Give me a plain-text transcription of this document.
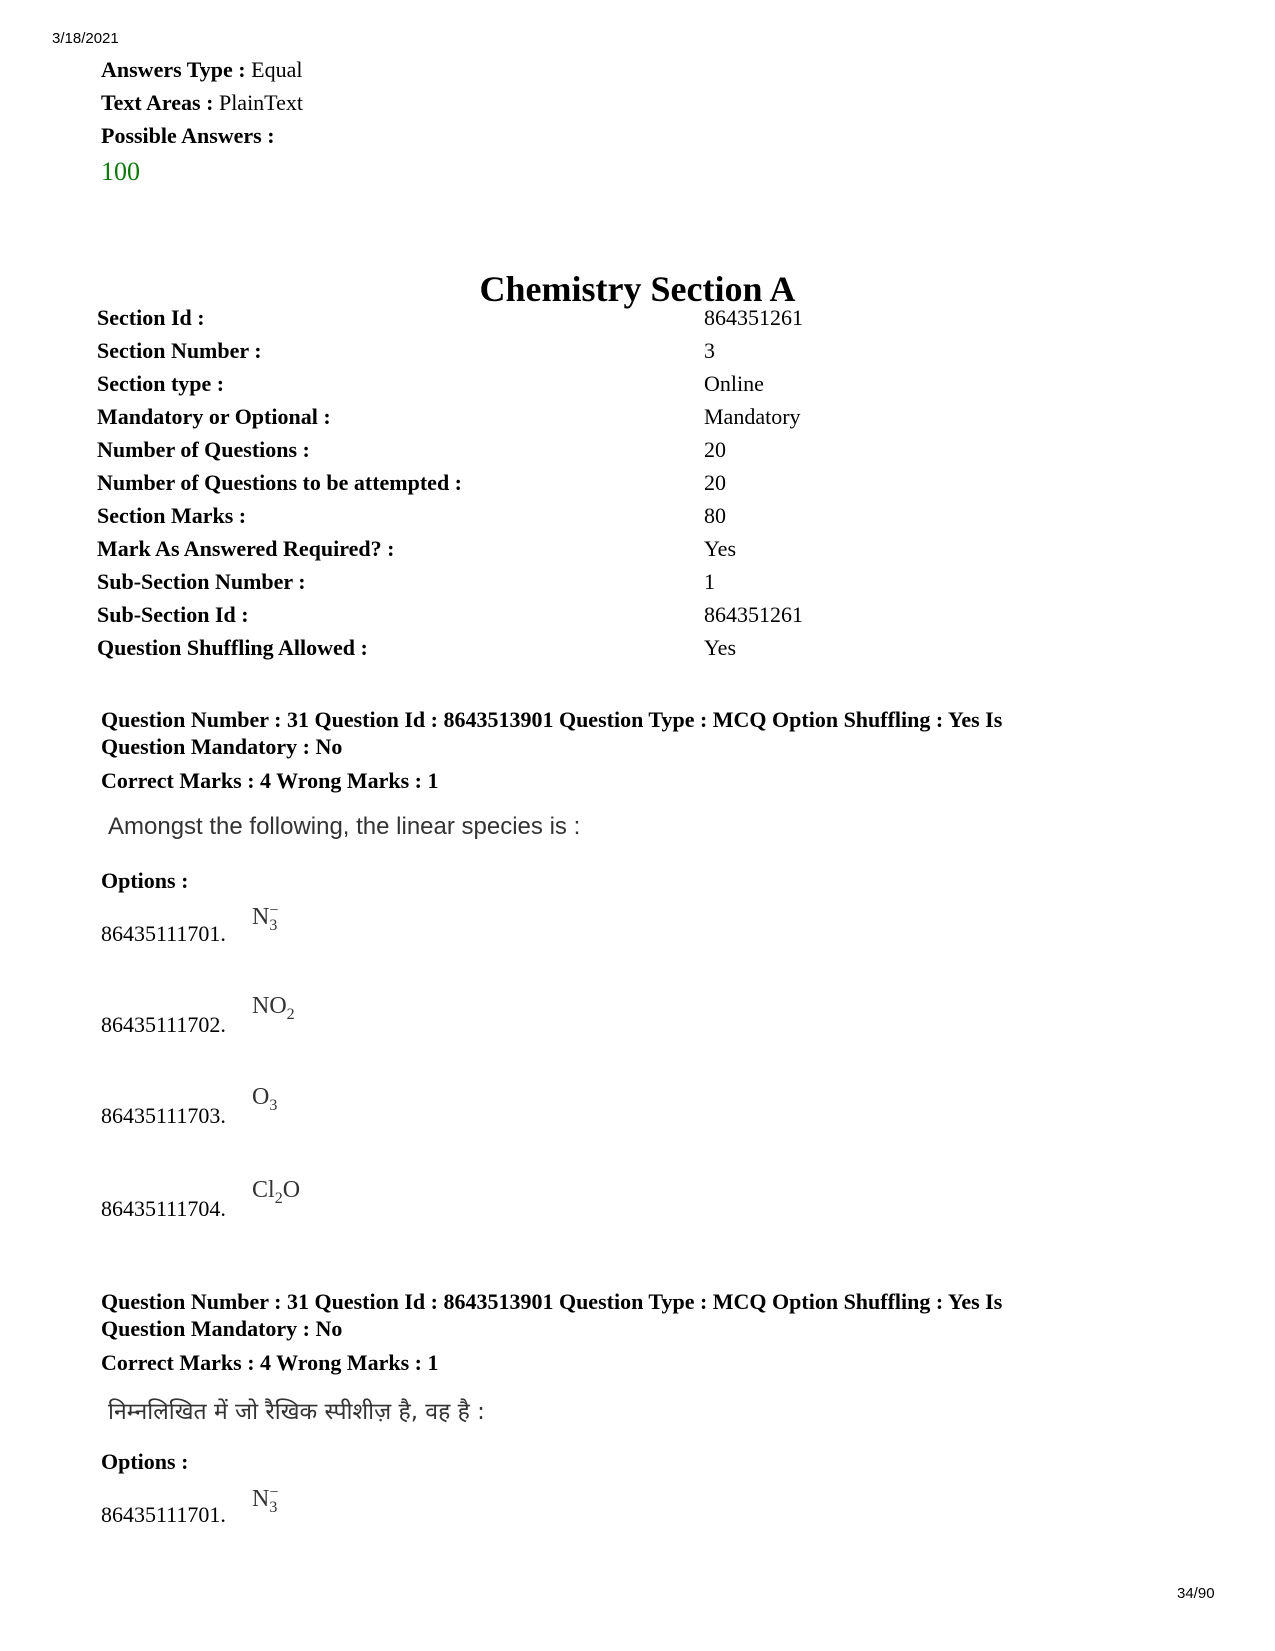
3/18/2021
Answers Type : Equal
Text Areas : PlainText
Possible Answers :
100
Chemistry Section A
Section Id :	864351261
Section Number :	3
Section type :	Online
Mandatory or Optional :	Mandatory
Number of Questions :	20
Number of Questions to be attempted :	20
Section Marks :	80
Mark As Answered Required? :	Yes
Sub-Section Number :	1
Sub-Section Id :	864351261
Question Shuffling Allowed :	Yes
Question Number : 31 Question Id : 8643513901 Question Type : MCQ Option Shuffling : Yes Is
Question Mandatory : No
Correct Marks : 4 Wrong Marks : 1
Amongst the following, the linear species is :
Options :
86435111701.
$N_3^-$
86435111702.
$NO_2$
86435111703.
$O_3$
86435111704.
$Cl_2O$
Question Number : 31 Question Id : 8643513901 Question Type : MCQ Option Shuffling : Yes Is
Question Mandatory : No
Correct Marks : 4 Wrong Marks : 1
निम्नलिखित में जो रैखिक स्पीशीज़ है, वह है :
Options :
86435111701.
$N_3^-$
34/90
